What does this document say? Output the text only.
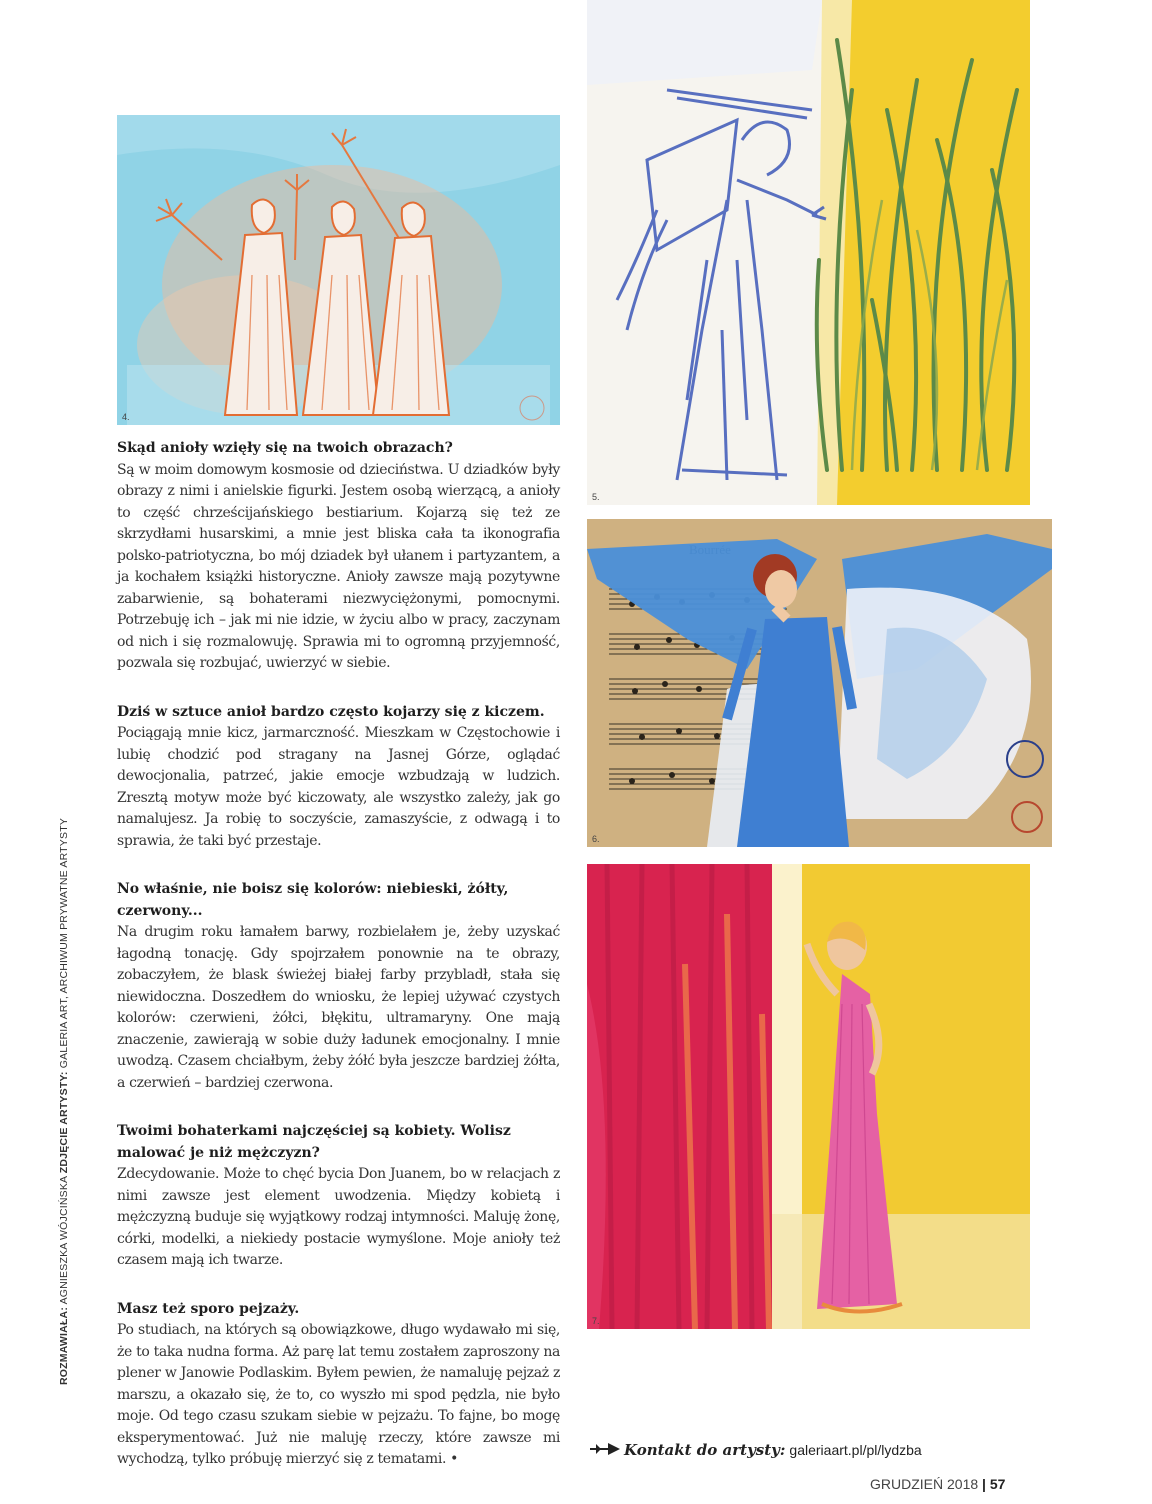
ROZMAWIAŁA: AGNIESZKA WÓJCIŃSKA ZDJĘCIE ARTYSTY: GALERIA ART, ARCHIWUM PRYWATNE ARTYSTY
4.
5.
6.
7.

Skąd anioły wzięły się na twoich obrazach?

Są w moim domowym kosmosie od dzieciństwa. U dziadków były obrazy z nimi i anielskie figurki. Jestem osobą wierzącą, a anioły to część chrześcijańskiego bestiarium. Kojarzą się też ze skrzydłami husarskimi, a mnie jest bliska cała ta ikonografia polsko-patriotyczna, bo mój dziadek był ułanem i partyzantem, a ja kochałem książki historyczne. Anioły zawsze mają pozytywne zabarwienie, są bohaterami niezwyciężonymi, pomocnymi. Potrzebuję ich – jak mi nie idzie, w życiu albo w pracy, zaczynam od nich i się rozmalowuję. Sprawia mi to ogromną przyjemność, pozwala się rozbujać, uwierzyć w siebie.

Dziś w sztuce anioł bardzo często kojarzy się z kiczem.

Pociągają mnie kicz, jarmarczność. Mieszkam w Częstochowie i lubię chodzić pod stragany na Jasnej Górze, oglądać dewocjonalia, patrzeć, jakie emocje wzbudzają w ludzich. Zresztą motyw może być kiczowaty, ale wszystko zależy, jak go namalujesz. Ja robię to soczyście, zamaszyście, z odwagą i to sprawia, że taki być przestaje.

No właśnie, nie boisz się kolorów: niebieski, żółty, czerwony...

Na drugim roku łamałem barwy, rozbielałem je, żeby uzyskać łagodną tonację. Gdy spojrzałem ponownie na te obrazy, zobaczyłem, że blask świeżej białej farby przybladł, stała się niewidoczna. Doszedłem do wniosku, że lepiej używać czystych kolorów: czerwieni, żółci, błękitu, ultramaryny. One mają znaczenie, zawierają w sobie duży ładunek emocjonalny. I mnie uwodzą. Czasem chciałbym, żeby żółć była jeszcze bardziej żółta, a czerwień – bardziej czerwona.

Twoimi bohaterkami najczęściej są kobiety. Wolisz malować je niż mężczyzn?

Zdecydowanie. Może to chęć bycia Don Juanem, bo w relacjach z nimi zawsze jest element uwodzenia. Między kobietą i mężczyzną buduje się wyjątkowy rodzaj intymności. Maluję żonę, córki, modelki, a niekiedy postacie wymyślone. Moje anioły też czasem mają ich twarze.

Masz też sporo pejzaży.

Po studiach, na których są obowiązkowe, długo wydawało mi się, że to taka nudna forma. Aż parę lat temu zostałem zaproszony na plener w Janowie Podlaskim. Byłem pewien, że namaluję pejzaż z marszu, a okazało się, że to, co wyszło mi spod pędzla, nie było moje. Od tego czasu szukam siebie w pejzażu. To fajne, bo mogę eksperymentować. Już nie maluję rzeczy, które zawsze mi wychodzą, tylko próbuję mierzyć się z tematami. •	Kontakt do artysty: galeriaart.pl/pl/lydzba
GRUDZIEŃ 2018 | 57
